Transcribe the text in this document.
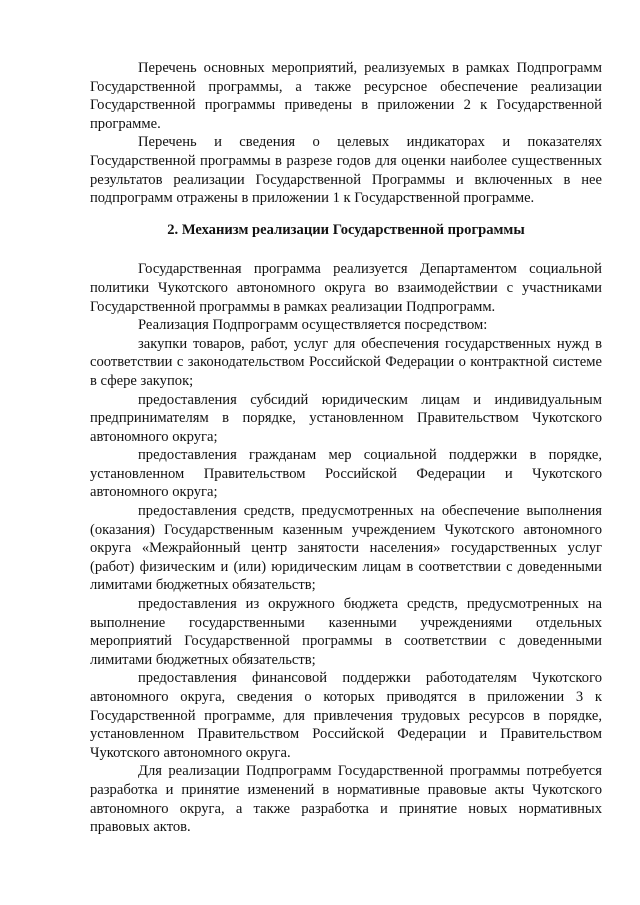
Перечень основных мероприятий, реализуемых в рамках Подпрограмм Государственной программы, а также ресурсное обеспечение реализации Государственной программы приведены в приложении 2 к Государственной программе.

Перечень и сведения о целевых индикаторах и показателях Государственной программы в разрезе годов для оценки наиболее существенных результатов реализации Государственной Программы и включенных в нее подпрограмм отражены в приложении 1 к Государственной программе.

2. Механизм реализации Государственной программы

Государственная программа реализуется Департаментом социальной политики Чукотского автономного округа во взаимодействии с участниками Государственной программы в рамках реализации Подпрограмм.

Реализация Подпрограмм осуществляется посредством:

закупки товаров, работ, услуг для обеспечения государственных нужд в соответствии с законодательством Российской Федерации о контрактной системе в сфере закупок;

предоставления субсидий юридическим лицам и индивидуальным предпринимателям в порядке, установленном Правительством Чукотского автономного округа;

предоставления гражданам мер социальной поддержки в порядке, установленном Правительством Российской Федерации и Чукотского автономного округа;

предоставления средств, предусмотренных на обеспечение выполнения (оказания) Государственным казенным учреждением Чукотского автономного округа «Межрайонный центр занятости населения» государственных услуг (работ) физическим и (или) юридическим лицам в соответствии с доведенными лимитами бюджетных обязательств;

предоставления из окружного бюджета средств, предусмотренных на выполнение государственными казенными учреждениями отдельных мероприятий Государственной программы в соответствии с доведенными лимитами бюджетных обязательств;

предоставления финансовой поддержки работодателям Чукотского автономного округа, сведения о которых приводятся в приложении 3 к Государственной программе, для привлечения трудовых ресурсов в порядке, установленном Правительством Российской Федерации и Правительством Чукотского автономного округа.

Для реализации Подпрограмм Государственной программы потребуется разработка и принятие изменений в нормативные правовые акты Чукотского автономного округа, а также разработка и принятие новых нормативных правовых актов.
